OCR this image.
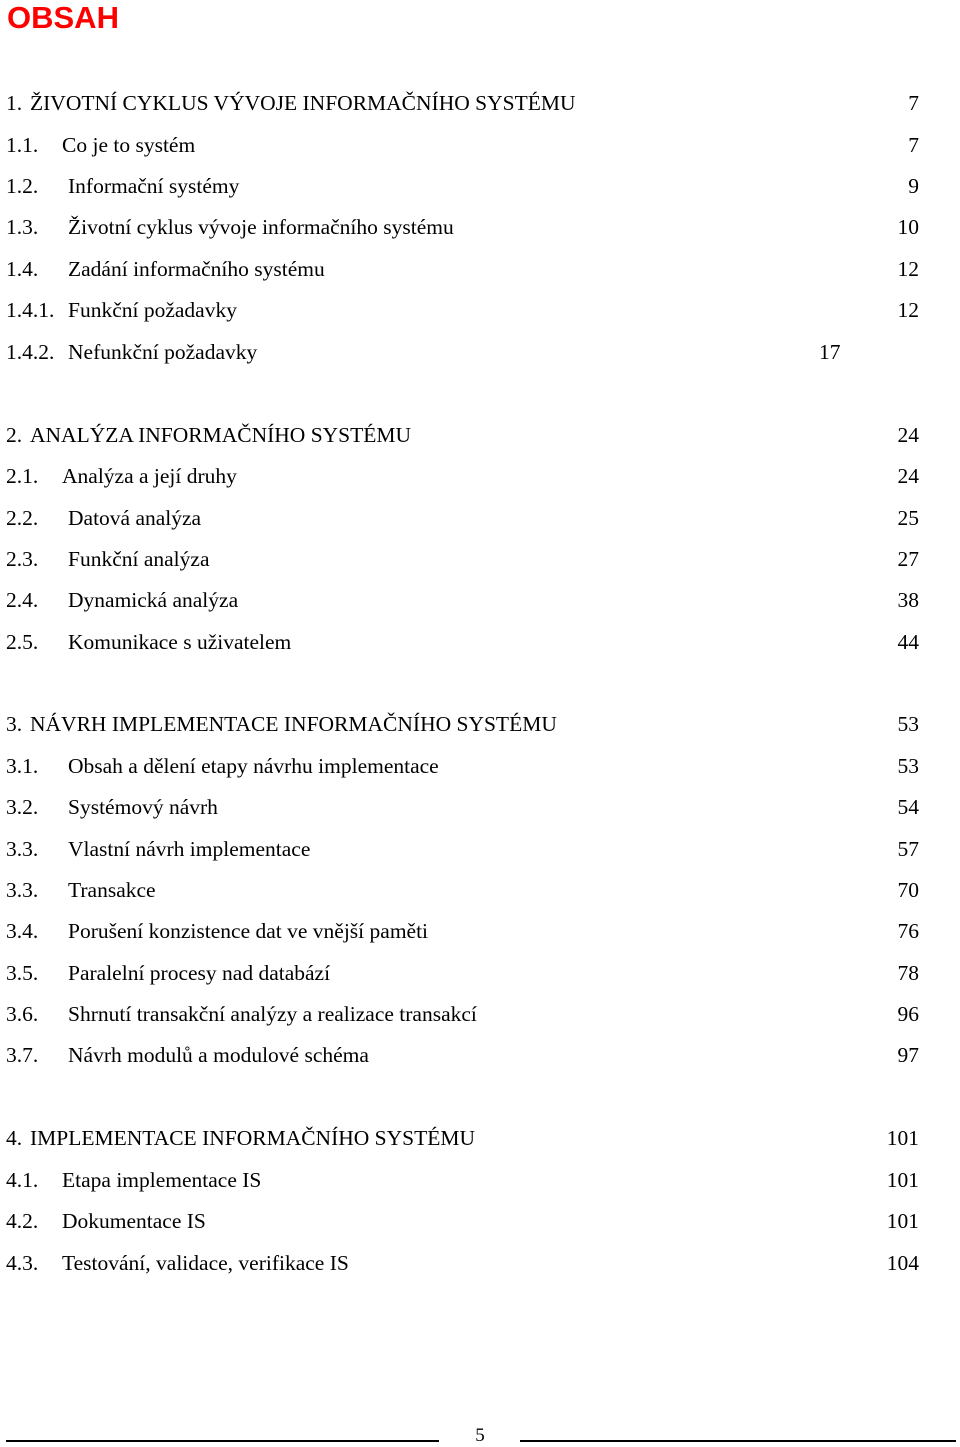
OBSAH
1. ŽIVOTNÍ CYKLUS VÝVOJE INFORMAČNÍHO SYSTÉMU	7
1.1. Co je to systém	7
1.2. Informační systémy	9
1.3. Životní cyklus vývoje informačního systému	10
1.4. Zadání informačního systému	12
1.4.1. Funkční požadavky	12
1.4.2. Nefunkční požadavky	17
2. ANALÝZA INFORMAČNÍHO SYSTÉMU	24
2.1. Analýza a její druhy	24
2.2. Datová analýza	25
2.3. Funkční analýza	27
2.4. Dynamická analýza	38
2.5. Komunikace s uživatelem	44
3. NÁVRH IMPLEMENTACE INFORMAČNÍHO SYSTÉMU	53
3.1. Obsah a dělení etapy návrhu implementace	53
3.2. Systémový návrh	54
3.3. Vlastní návrh implementace	57
3.3. Transakce	70
3.4. Porušení konzistence dat ve vnější paměti	76
3.5. Paralelní procesy nad databází	78
3.6. Shrnutí transakční analýzy a realizace transakcí	96
3.7. Návrh modulů a modulové schéma	97
4. IMPLEMENTACE INFORMAČNÍHO SYSTÉMU	101
4.1. Etapa implementace IS	101
4.2. Dokumentace IS	101
4.3. Testování, validace, verifikace IS	104
5
